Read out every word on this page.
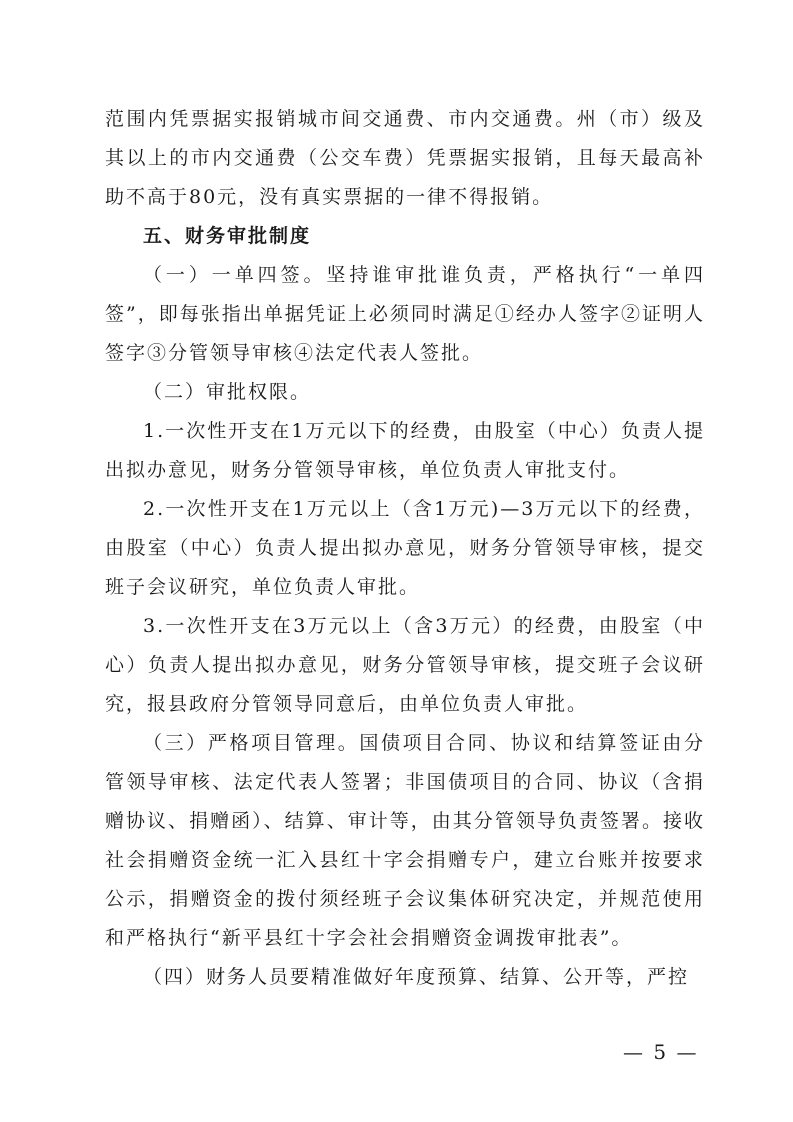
范围内凭票据实报销城市间交通费、市内交通费。州（市）级及其以上的市内交通费（公交车费）凭票据实报销，且每天最高补助不高于80元，没有真实票据的一律不得报销。

五、财务审批制度

（一）一单四签。坚持谁审批谁负责，严格执行“一单四签”，即每张指出单据凭证上必须同时满足①经办人签字②证明人签字③分管领导审核④法定代表人签批。

（二）审批权限。

1.一次性开支在1万元以下的经费，由股室（中心）负责人提出拟办意见，财务分管领导审核，单位负责人审批支付。

2.一次性开支在1万元以上（含1万元)—3万元以下的经费，由股室（中心）负责人提出拟办意见，财务分管领导审核，提交班子会议研究，单位负责人审批。

3.一次性开支在3万元以上（含3万元）的经费，由股室（中心）负责人提出拟办意见，财务分管领导审核，提交班子会议研究，报县政府分管领导同意后，由单位负责人审批。

（三）严格项目管理。国债项目合同、协议和结算签证由分管领导审核、法定代表人签署；非国债项目的合同、协议（含捐赠协议、捐赠函）、结算、审计等，由其分管领导负责签署。接收社会捐赠资金统一汇入县红十字会捐赠专户，建立台账并按要求公示，捐赠资金的拨付须经班子会议集体研究决定，并规范使用和严格执行“新平县红十字会社会捐赠资金调拨审批表”。

（四）财务人员要精准做好年度预算、结算、公开等，严控

— 5 —
